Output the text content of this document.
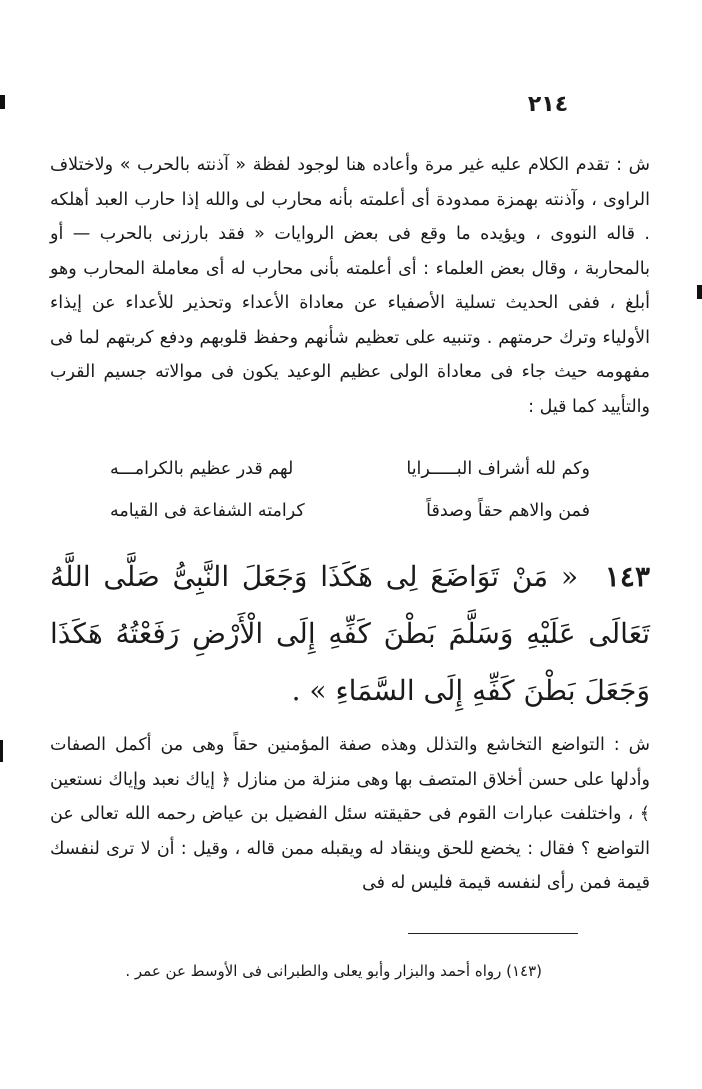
٢١٤

ش : تقدم الكلام عليه غير مرة وأعاده هنا لوجود لفظة « آذنته بالحرب » ولاختلاف الراوى ، وآذنته بهمزة ممدودة أى أعلمته بأنه محارب لى والله إذا حارب العبد أهلكه . قاله النووى ، ويؤيده ما وقع فى بعض الروايات « فقد بارزنى بالحرب — أو بالمحاربة ، وقال بعض العلماء : أى أعلمته بأنى محارب له أى معاملة المحارب وهو أبلغ ، ففى الحديث تسلية الأصفياء عن معاداة الأعداء وتحذير للأعداء عن إيذاء الأولياء وترك حرمتهم . وتنبيه على تعظيم شأنهم وحفظ قلوبهم ودفع كربتهم لما فى مفهومه حيث جاء فى معاداة الولى عظيم الوعيد يكون فى موالاته جسيم القرب والتأييد كما قيل :

وكم لله أشراف البـــــرايا
لهم قدر عظيم بالكرامـــه
فمن والاهم حقاً وصدقاً
كرامته الشفاعة فى القيامه
١٤٣ « مَنْ تَوَاضَعَ لِى هَكَذَا وَجَعَلَ النَّبِىُّ صَلَّى اللَّهُ تَعَالَى عَلَيْهِ وَسَلَّمَ بَطْنَ كَفِّهِ إِلَى الْأَرْضِ رَفَعْتُهُ هَكَذَا وَجَعَلَ بَطْنَ كَفِّهِ إِلَى السَّمَاءِ » .

ش : التواضع التخاشع والتذلل وهذه صفة المؤمنين حقاً وهى من أكمل الصفات وأدلها على حسن أخلاق المتصف بها وهى منزلة من منازل ﴿ إياك نعبد وإياك نستعين ﴾ ، واختلفت عبارات القوم فى حقيقته سئل الفضيل بن عياض رحمه الله تعالى عن التواضع ؟ فقال : يخضع للحق وينقاد له ويقبله ممن قاله ، وقيل : أن لا ترى لنفسك قيمة فمن رأى لنفسه قيمة فليس له فى

(١٤٣) رواه أحمد والبزار وأبو يعلى والطبرانى فى الأوسط عن عمر .
